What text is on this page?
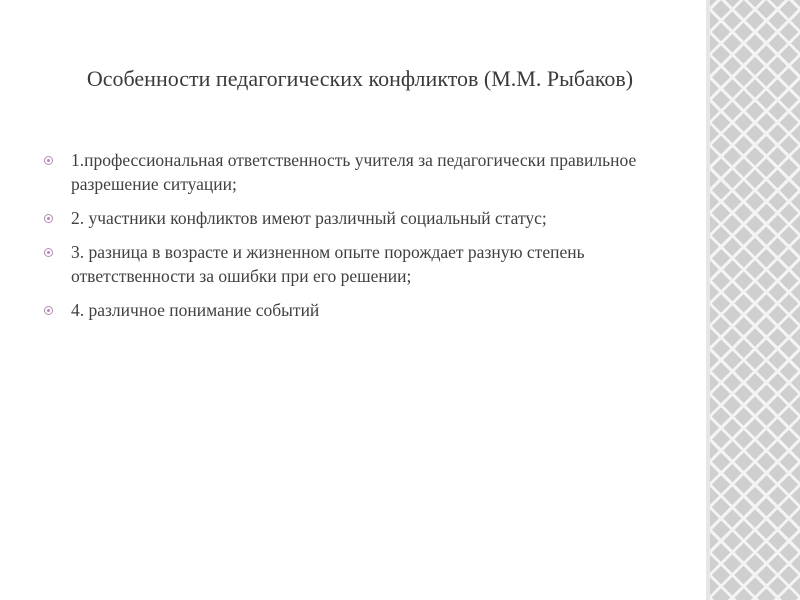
Особенности педагогических конфликтов (М.М. Рыбаков)
1.профессиональная ответственность учителя за педагогически правильное разрешение ситуации;
2. участники конфликтов имеют различный социальный статус;
3. разница в возрасте и жизненном опыте порождает разную степень ответственности за ошибки при его решении;
4. различное понимание событий
